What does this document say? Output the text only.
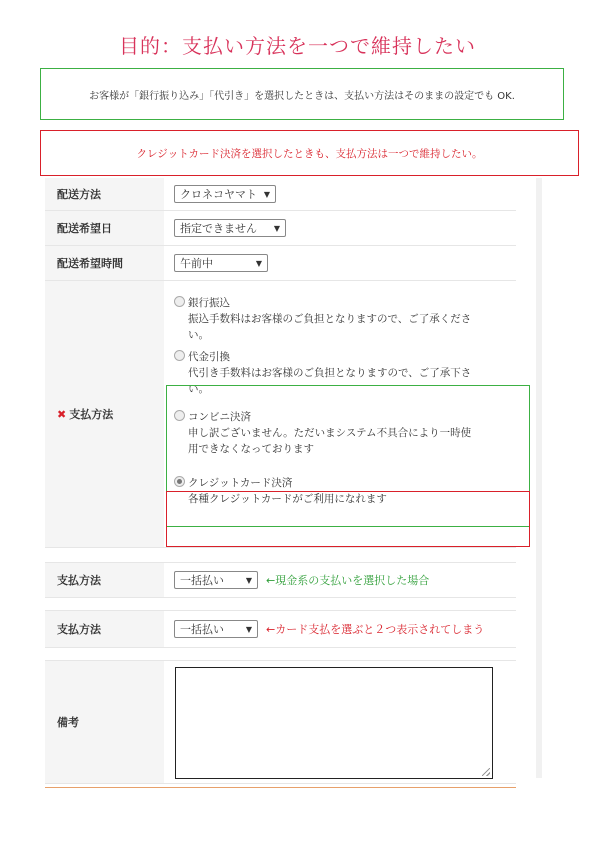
目的：支払い方法を一つで維持したい
お客様が「銀行振り込み」「代引き」を選択したときは、支払い方法はそのままの設定でも OK.
クレジットカード決済を選択したときも、支払方法は一つで維持したい。
配送方法	クロネコヤマト ▼
配送希望日	指定できません ▼
配送希望時間	午前中	▼
✖ 支払方法
銀行振込
振込手数料はお客様のご負担となりますので、ご了承くださ
い。
代金引換
代引き手数料はお客様のご負担となりますので、ご了承下さ
い。
コンビニ決済
申し訳ございません。ただいまシステム不具合により一時使
用できなくなっております
クレジットカード決済
各種クレジットカードがご利用になれます
支払方法	一括払い	▼ ←現金系の支払いを選択した場合
支払方法	一括払い	▼ ←カード支払を選ぶと２つ表示されてしまう
備考
